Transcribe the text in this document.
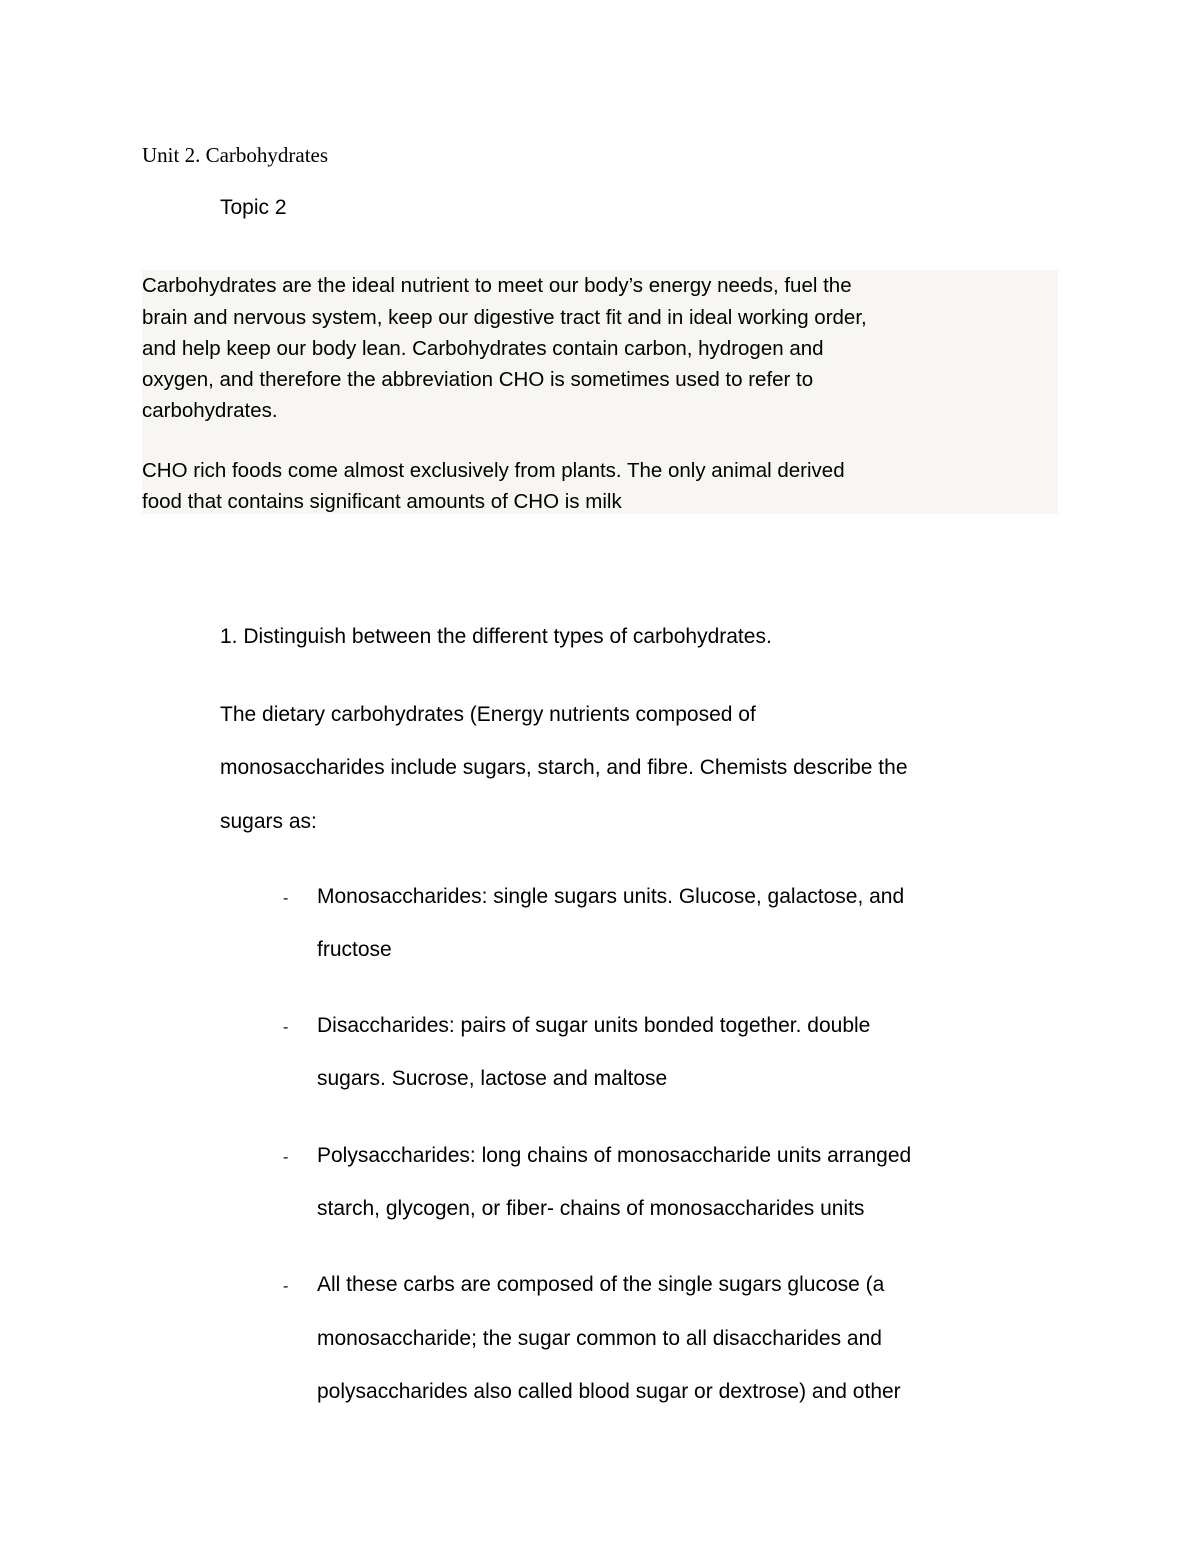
Unit 2. Carbohydrates
Topic 2
Carbohydrates are the ideal nutrient to meet our body’s energy needs, fuel the
brain and nervous system, keep our digestive tract fit and in ideal working order,
and help keep our body lean. Carbohydrates contain carbon, hydrogen and
oxygen, and therefore the abbreviation CHO is sometimes used to refer to
carbohydrates.
CHO rich foods come almost exclusively from plants. The only animal derived
food that contains significant amounts of CHO is milk
1. Distinguish between the different types of carbohydrates.
The dietary carbohydrates (Energy nutrients composed of
monosaccharides include sugars, starch, and fibre. Chemists describe the
sugars as:
- Monosaccharides: single sugars units. Glucose, galactose, and
fructose
- Disaccharides: pairs of sugar units bonded together. double
sugars. Sucrose, lactose and maltose
- Polysaccharides: long chains of monosaccharide units arranged
starch, glycogen, or fiber- chains of monosaccharides units
- All these carbs are composed of the single sugars glucose (a
monosaccharide; the sugar common to all disaccharides and
polysaccharides also called blood sugar or dextrose) and other
